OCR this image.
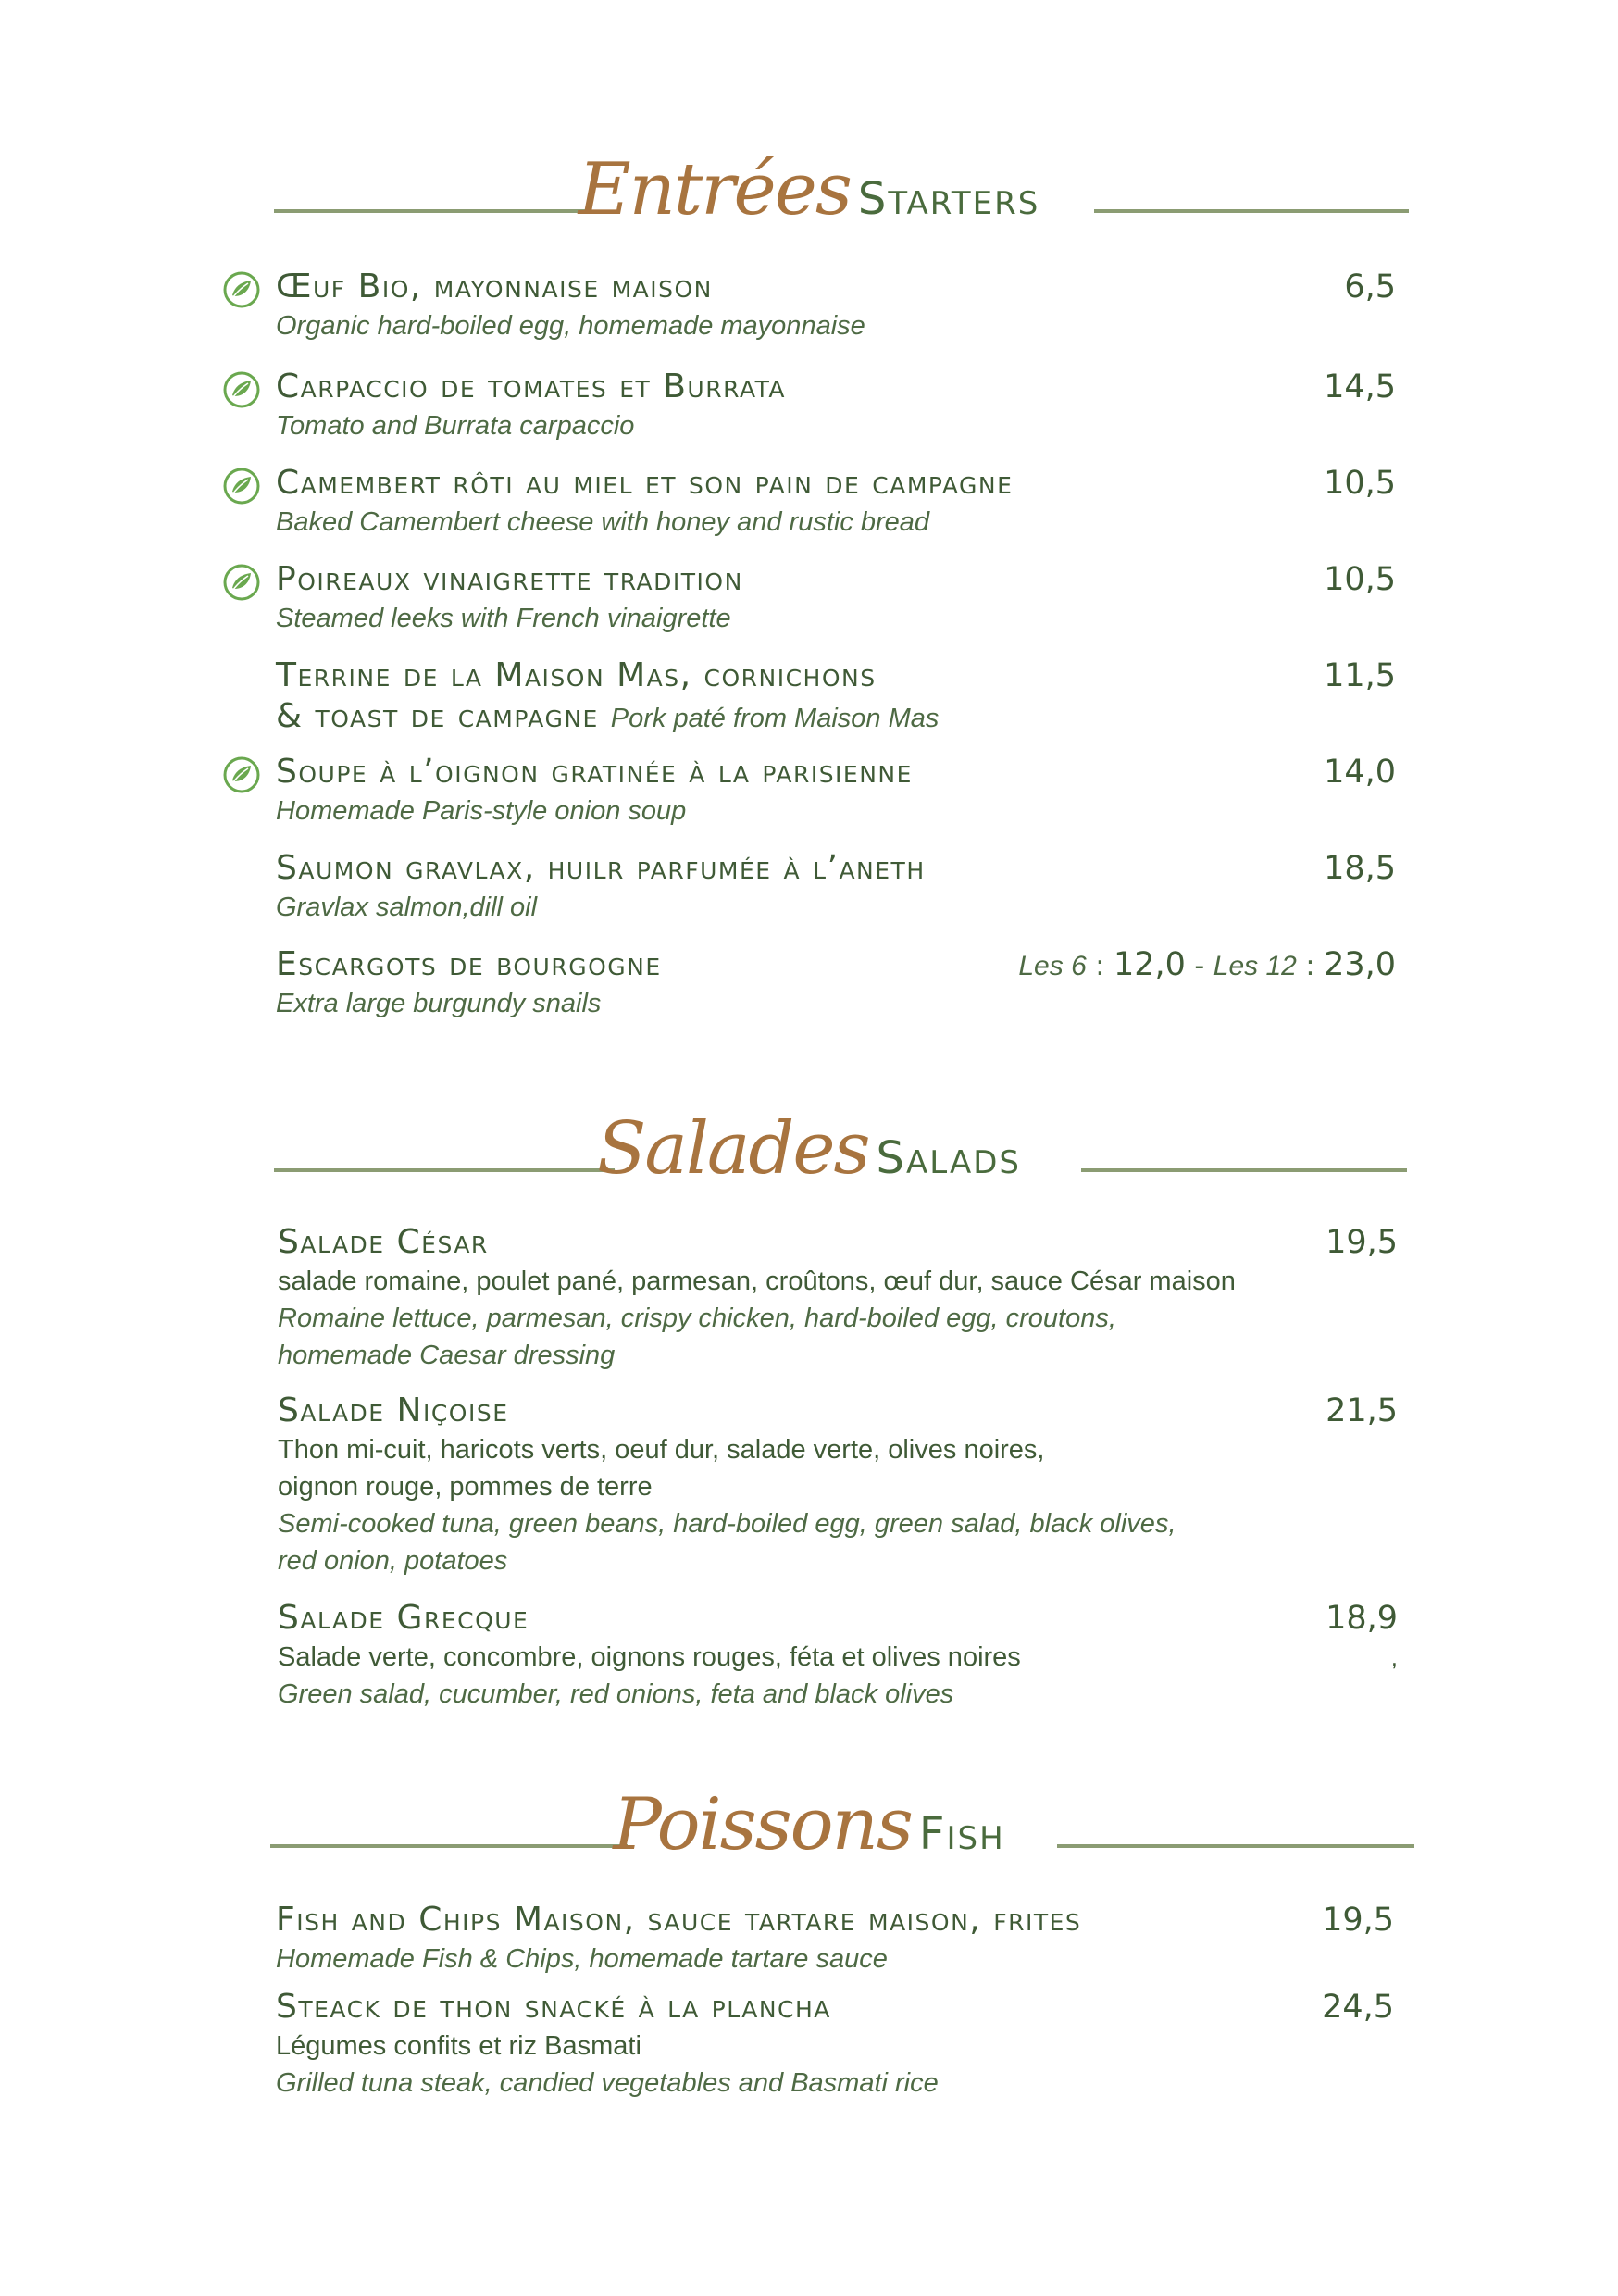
Entrées Starters
Œuf Bio, mayonnaise maison
Organic hard-boiled egg, homemade mayonnaise
6,5
Carpaccio de tomates et Burrata
Tomato and Burrata carpaccio
14,5
Camembert rôti au miel et son pain de campagne
Baked Camembert cheese with honey and rustic bread
10,5
Poireaux vinaigrette tradition
Steamed leeks with French vinaigrette
10,5
Terrine de la Maison Mas, cornichons
& toast de campagne Pork paté from Maison Mas
11,5
Soupe à l’oignon gratinée à la parisienne
Homemade Paris-style onion soup
14,0
Saumon gravlax, huilr parfumée à l’aneth
Gravlax salmon,dill oil
18,5
Escargots de bourgogne
Extra large burgundy snails
Les 6 : 12,0 - Les 12 : 23,0
Salades Salads
Salade César
salade romaine, poulet pané, parmesan, croûtons, œuf dur, sauce César maison
Romaine lettuce, parmesan, crispy chicken, hard-boiled egg, croutons,
homemade Caesar dressing
19,5
Salade Niçoise
Thon mi-cuit, haricots verts, oeuf dur, salade verte, olives noires,
oignon rouge, pommes de terre
Semi-cooked tuna, green beans, hard-boiled egg, green salad, black olives,
red onion, potatoes
21,5
Salade Grecque
Salade verte, concombre, oignons rouges, féta et olives noires
Green salad, cucumber, red onions, feta and black olives
18,9
,
Poissons Fish
Fish and Chips Maison, sauce tartare maison, frites
Homemade Fish & Chips, homemade tartare sauce
19,5
Steack de thon snacké à la plancha
Légumes confits et riz Basmati
Grilled tuna steak, candied vegetables and Basmati rice
24,5
